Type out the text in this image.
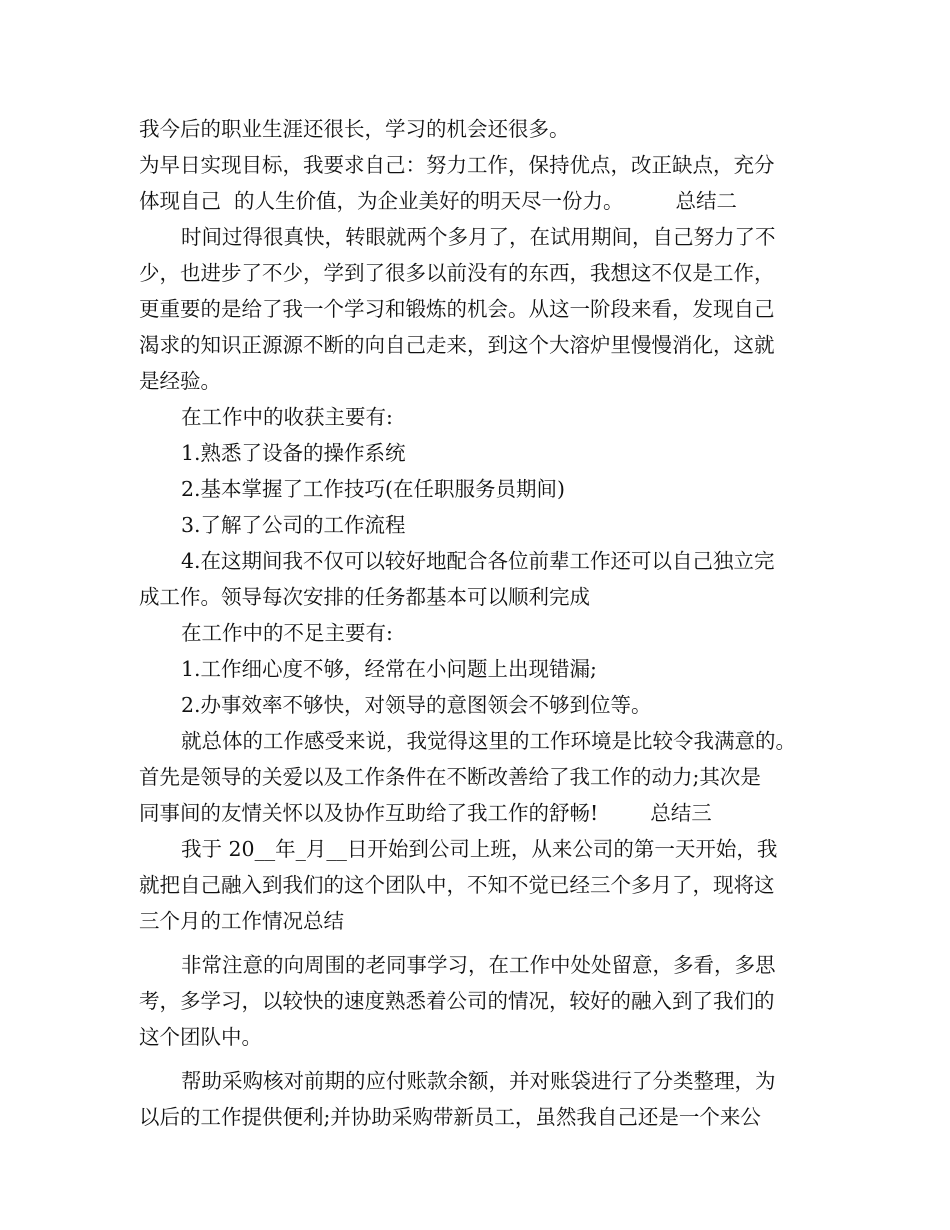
我今后的职业生涯还很长，学习的机会还很多。
为早日实现目标，我要求自己：努力工作，保持优点，改正缺点，充分
体现自己  的人生价值，为企业美好的明天尽一份力。	总结二
时间过得很真快，转眼就两个多月了，在试用期间，自己努力了不
少，也进步了不少，学到了很多以前没有的东西，我想这不仅是工作，
更重要的是给了我一个学习和锻炼的机会。从这一阶段来看，发现自己
渴求的知识正源源不断的向自己走来，到这个大溶炉里慢慢消化，这就
是经验。
在工作中的收获主要有:
1.熟悉了设备的操作系统
2.基本掌握了工作技巧(在任职服务员期间)
3.了解了公司的工作流程
4.在这期间我不仅可以较好地配合各位前辈工作还可以自己独立完
成工作。领导每次安排的任务都基本可以顺利完成
在工作中的不足主要有:
1.工作细心度不够，经常在小问题上出现错漏;
2.办事效率不够快，对领导的意图领会不够到位等。
就总体的工作感受来说，我觉得这里的工作环境是比较令我满意的。
首先是领导的关爱以及工作条件在不断改善给了我工作的动力;其次是
同事间的友情关怀以及协作互助给了我工作的舒畅!	总结三
我于 20__年_月__日开始到公司上班，从来公司的第一天开始，我
就把自己融入到我们的这个团队中，不知不觉已经三个多月了，现将这
三个月的工作情况总结
非常注意的向周围的老同事学习，在工作中处处留意，多看，多思
考，多学习，以较快的速度熟悉着公司的情况，较好的融入到了我们的
这个团队中。
帮助采购核对前期的应付账款余额，并对账袋进行了分类整理，为
以后的工作提供便利;并协助采购带新员工，虽然我自己还是一个来公
